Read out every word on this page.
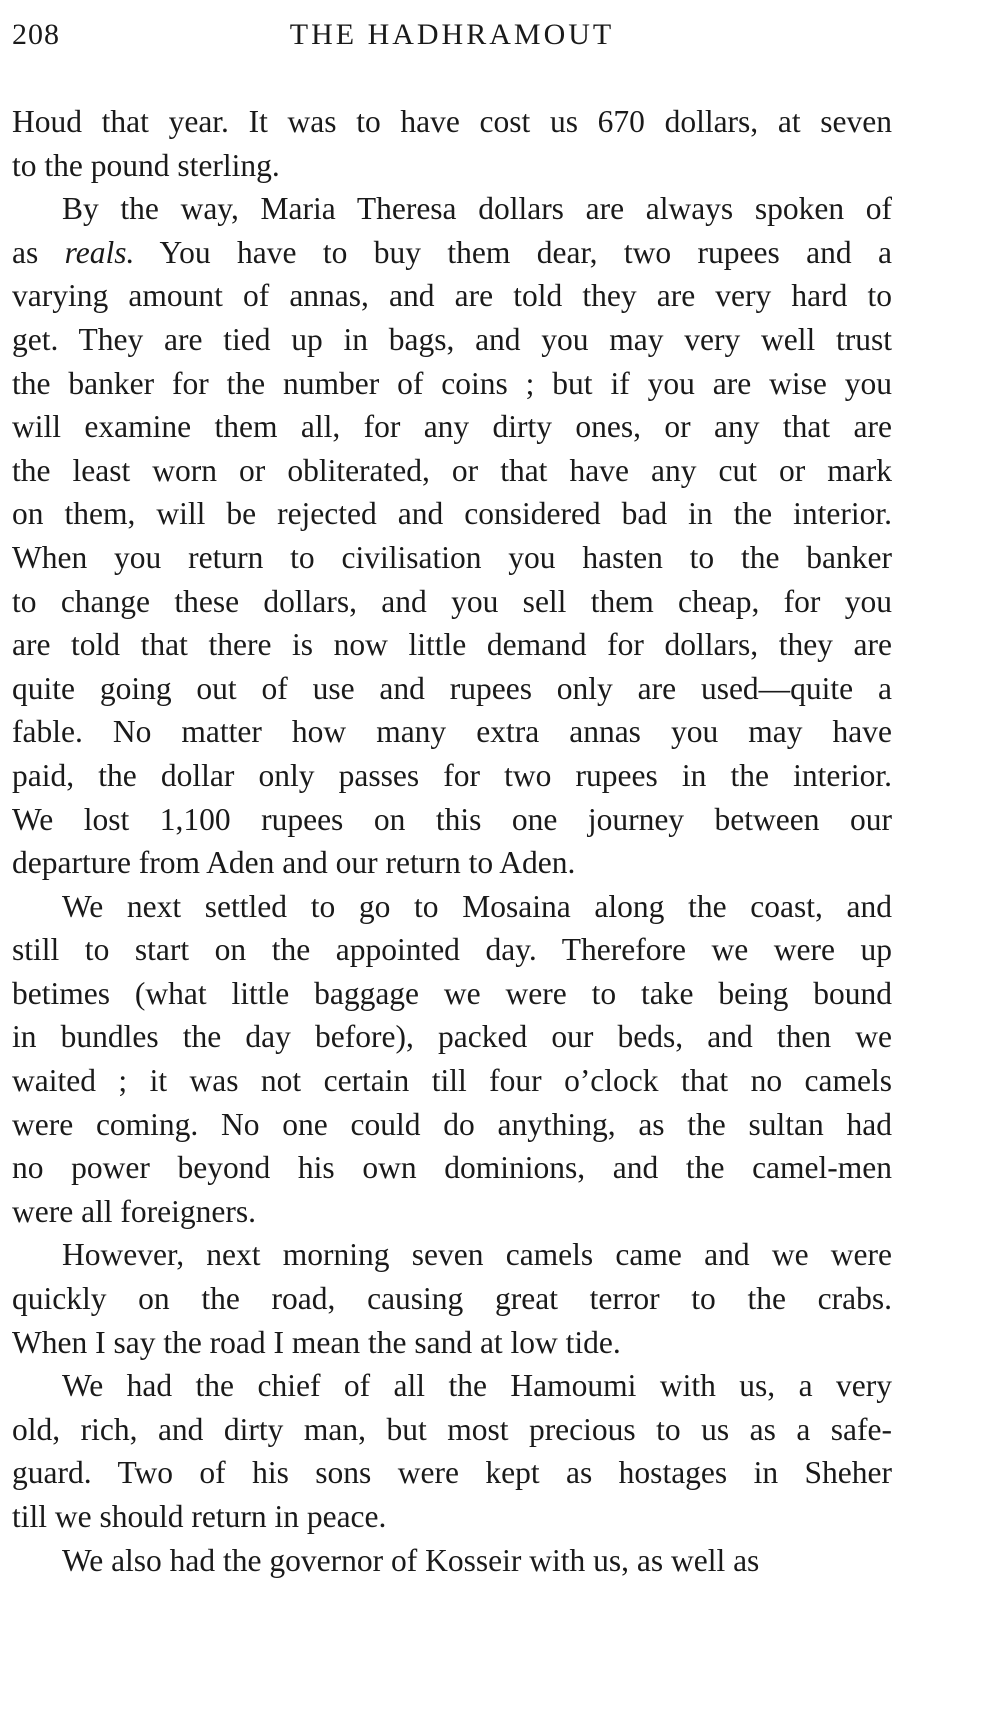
208	THE HADHRAMOUT
Houd that year. It was to have cost us 670 dollars, at seven
to the pound sterling.
By the way, Maria Theresa dollars are always spoken of
as reals. You have to buy them dear, two rupees and a
varying amount of annas, and are told they are very hard to
get. They are tied up in bags, and you may very well trust
the banker for the number of coins ; but if you are wise you
will examine them all, for any dirty ones, or any that are
the least worn or obliterated, or that have any cut or mark
on them, will be rejected and considered bad in the interior.
When you return to civilisation you hasten to the banker
to change these dollars, and you sell them cheap, for you
are told that there is now little demand for dollars, they are
quite going out of use and rupees only are used—quite a
fable. No matter how many extra annas you may have
paid, the dollar only passes for two rupees in the interior.
We lost 1,100 rupees on this one journey between our
departure from Aden and our return to Aden.
We next settled to go to Mosaina along the coast, and
still to start on the appointed day. Therefore we were up
betimes (what little baggage we were to take being bound
in bundles the day before), packed our beds, and then we
waited ; it was not certain till four o’clock that no camels
were coming. No one could do anything, as the sultan had
no power beyond his own dominions, and the camel-men
were all foreigners.
However, next morning seven camels came and we were
quickly on the road, causing great terror to the crabs.
When I say the road I mean the sand at low tide.
We had the chief of all the Hamoumi with us, a very
old, rich, and dirty man, but most precious to us as a safe-
guard. Two of his sons were kept as hostages in Sheher
till we should return in peace.
We also had the governor of Kosseir with us, as well as
